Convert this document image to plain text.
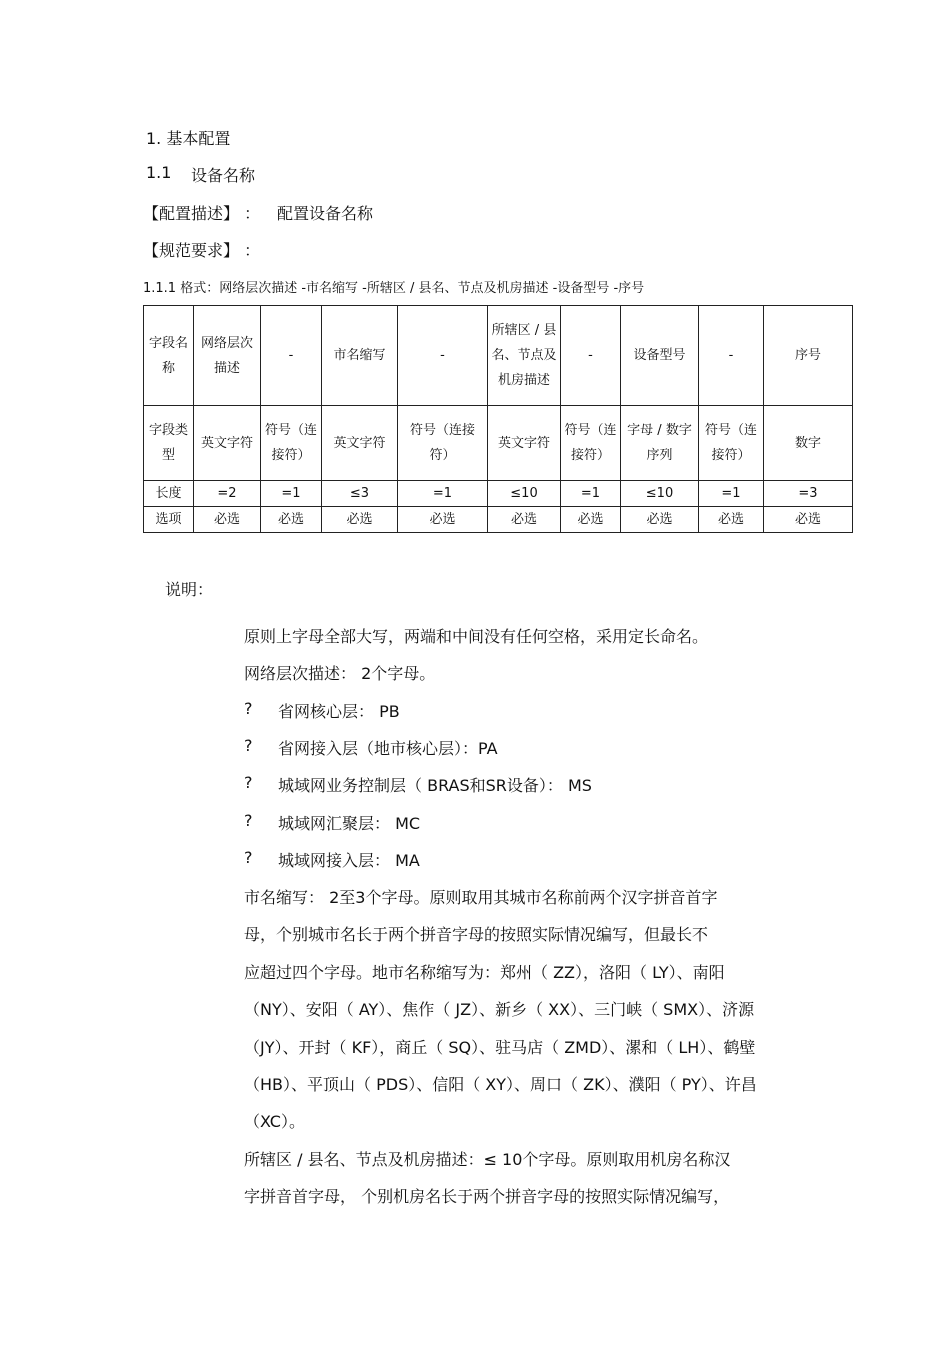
1. 基本配置
1.1 设备名称
【配置描述】 ： 配置设备名称
【规范要求】 ：
1.1.1 格式：网络层次描述 -市名缩写 -所辖区 / 县名、节点及机房描述 -设备型号 -序号
字段名称	网络层次描述	-	市名缩写	-	所辖区 / 县名、节点及机房描述	-	设备型号	-	序号
字段类型	英文字符	符号（连接符）	英文字符	符号（连接符）	英文字符	符号（连接符）	字母 / 数字序列	符号（连接符）	数字
长度	=2	=1	≤3	=1	≤10	=1	≤10	=1	=3
选项	必选	必选	必选	必选	必选	必选	必选	必选	必选
说明：
原则上字母全部大写，两端和中间没有任何空格，采用定长命名。
网络层次描述： 2个字母。
? 省网核心层： PB
? 省网接入层（地市核心层）：PA
? 城域网业务控制层（ BRAS和SR设备）： MS
? 城域网汇聚层： MC
? 城域网接入层： MA
市名缩写： 2至3个字母。原则取用其城市名称前两个汉字拼音首字
母，个别城市名长于两个拼音字母的按照实际情况编写，但最长不
应超过四个字母。地市名称缩写为：郑州（ ZZ），洛阳（ LY）、南阳
（NY）、安阳（ AY）、焦作（ JZ）、新乡（ XX）、三门峡（ SMX）、济源
（JY）、开封（ KF），商丘（ SQ）、驻马店（ ZMD）、漯和（ LH）、鹤壁
（HB）、平顶山（ PDS）、信阳（ XY）、周口（ ZK）、濮阳（ PY）、许昌
（XC）。
所辖区 / 县名、节点及机房描述：≤ 10个字母。原则取用机房名称汉
字拼音首字母， 个别机房名长于两个拼音字母的按照实际情况编写，
